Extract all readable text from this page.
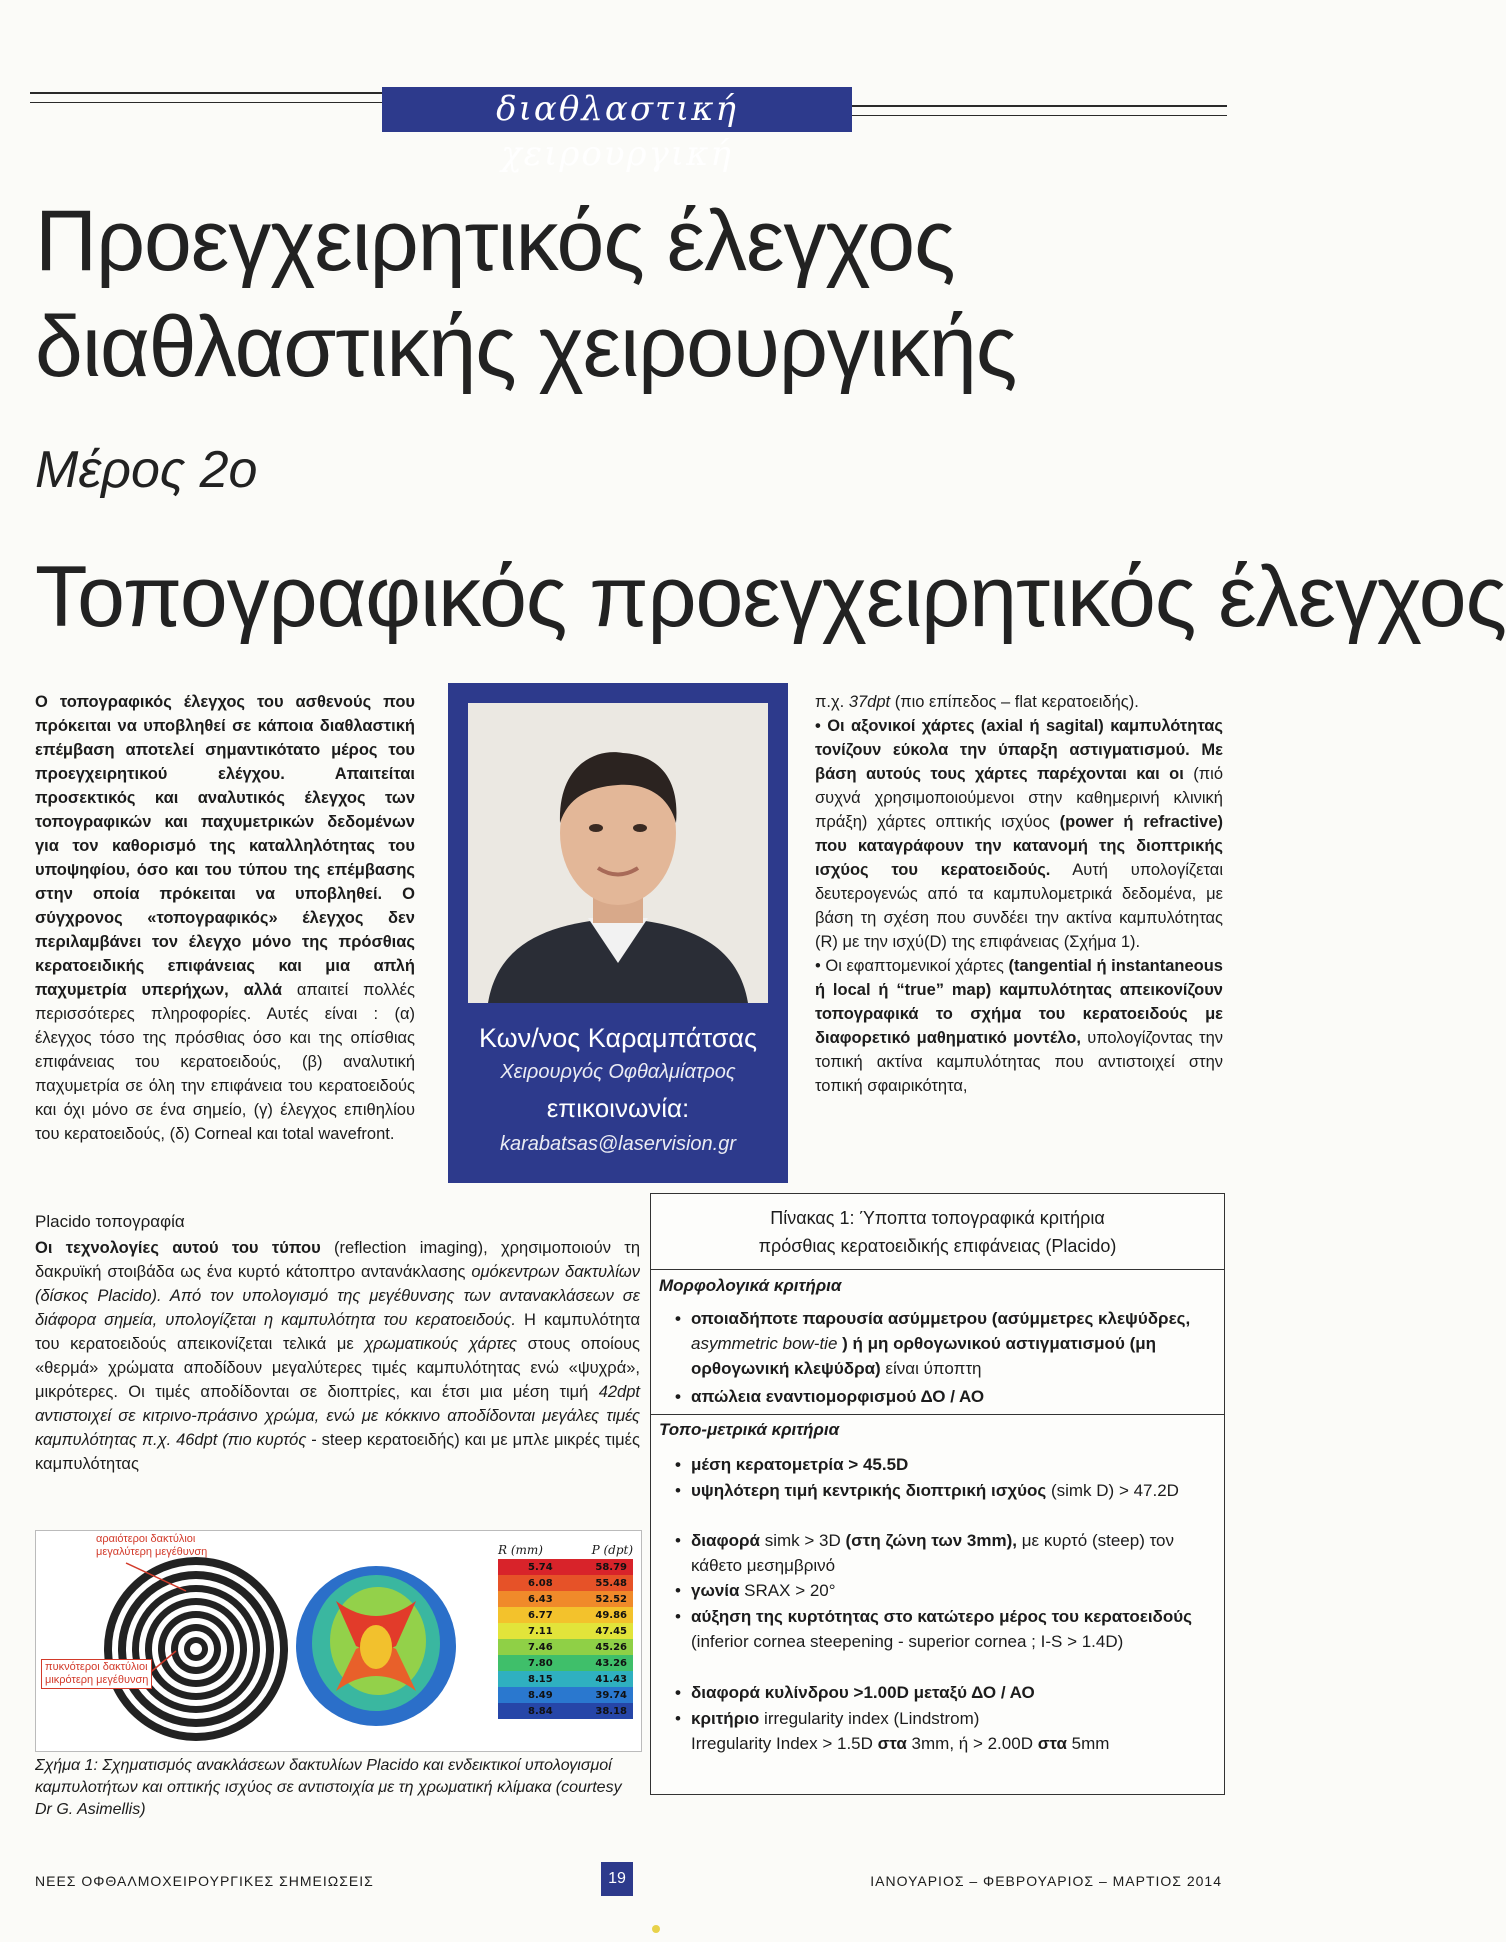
διαθλαστική χειρουργική
Προεγχειρητικός έλεγχος
διαθλαστικής χειρουργικής
Μέρος 2ο
Τοπογραφικός προεγχειρητικός έλεγχος

Ο τοπογραφικός έλεγχος του ασθενούς που πρόκειται να υποβληθεί σε κάποια διαθλαστική επέμβαση αποτελεί σημαντικότατο μέρος του προεγχειρητικού ελέγχου. Απαιτείται προσεκτικός και αναλυτικός έλεγχος των τοπογραφικών και παχυμετρικών δεδομένων για τον καθορισμό της καταλληλότητας του υποψηφίου, όσο και του τύπου της επέμβασης στην οποία πρόκειται να υποβληθεί. Ο σύγχρονος «τοπογραφικός» έλεγχος δεν περιλαμβάνει τον έλεγχο μόνο της πρόσθιας κερατοειδικής επιφάνειας και μια απλή παχυμετρία υπερήχων, αλλά απαιτεί πολλές περισσότερες πληροφορίες. Αυτές είναι : (α) έλεγχος τόσο της πρόσθιας όσο και της οπίσθιας επιφάνειας του κερατοειδούς, (β) αναλυτική παχυμετρία σε όλη την επιφάνεια του κερατοειδούς και όχι μόνο σε ένα σημείο, (γ) έλεγχος επιθηλίου του κερατοειδούς, (δ) Corneal και total wavefront.

Κων/νος Καραμπάτσας
Χειρουργός Οφθαλμίατρος
επικοινωνία:
karabatsas@laservision.gr

π.χ. 37dpt (πιο επίπεδος – flat κερατοειδής).

• Οι αξονικοί χάρτες (axial ή sagital) καμπυλότητας τονίζουν εύκολα την ύπαρξη αστιγματισμού. Με βάση αυτούς τους χάρτες παρέχονται και οι (πιό συχνά χρησιμοποιούμενοι στην καθημερινή κλινική πράξη) χάρτες οπτικής ισχύος (power ή refractive) που καταγράφουν την κατανομή της διοπτρικής ισχύος του κερατοειδούς. Αυτή υπολογίζεται δευτερογενώς από τα καμπυλομετρικά δεδομένα, με βάση τη σχέση που συνδέει την ακτίνα καμπυλότητας (R) με την ισχύ(D) της επιφάνειας (Σχήμα 1).

• Οι εφαπτομενικοί χάρτες (tangential ή instantaneous ή local ή “true” map) καμπυλότητας απεικονίζουν τοπογραφικά το σχήμα του κερατοειδούς με διαφορετικό μαθηματικό μοντέλο, υπολογίζοντας την τοπική ακτίνα καμπυλότητας που αντιστοιχεί στην τοπική σφαιρικότητα,

Placido τοπογραφία

Οι τεχνολογίες αυτού του τύπου (reflection imaging), χρησιμοποιούν τη δακρυϊκή στοιβάδα ως ένα κυρτό κάτοπτρο αντανάκλασης ομόκεντρων δακτυλίων (δίσκος Placido). Από τον υπολογισμό της μεγέθυνσης των αντανακλάσεων σε διάφορα σημεία, υπολογίζεται η καμπυλότητα του κερατοειδούς. Η καμπυλότητα του κερατοειδούς απεικονίζεται τελικά με χρωματικούς χάρτες στους οποίους «θερμά» χρώματα αποδίδουν μεγαλύτερες τιμές καμπυλότητας ενώ «ψυχρά», μικρότερες. Οι τιμές αποδίδονται σε διοπτρίες, και έτσι μια μέση τιμή 42dpt αντιστοιχεί σε κιτρινο-πράσινο χρώμα, ενώ με κόκκινο αποδίδονται μεγάλες τιμές καμπυλότητας π.χ. 46dpt (πιο κυρτός - steep κερατοειδής) και με μπλε μικρές τιμές καμπυλότητας

αραιότεροι δακτύλιοι
μεγαλύτερη μεγέθυνση
πυκνότεροι δακτύλιοι
μικρότερη μεγέθυνση
R (mm)	P (dpt)
5.74	58.79
6.08	55.48
6.43	52.52
6.77	49.86
7.11	47.45
7.46	45.26
7.80	43.26
8.15	41.43
8.49	39.74
8.84	38.18
Σχήμα 1: Σχηματισμός ανακλάσεων δακτυλίων Placido και ενδεικτικοί υπολογισμοί καμπυλοτήτων και οπτικής ισχύος σε αντιστοιχία με τη χρωματική κλίμακα (courtesy Dr G. Asimellis)
Πίνακας 1: Ύποπτα τοπογραφικά κριτήρια
πρόσθιας κερατοειδικής επιφάνειας (Placido)
Μορφολογικά κριτήρια
• οποιαδήποτε παρουσία ασύμμετρου (ασύμμετρες κλεψύδρες, asymmetric bow-tie ) ή μη ορθογωνικού αστιγματισμού (μη ορθογωνική κλεψύδρα) είναι ύποπτη
• απώλεια εναντιομορφισμού ΔΟ / ΑΟ
Τοπο-μετρικά κριτήρια
• μέση κερατομετρία > 45.5D
• υψηλότερη τιμή κεντρικής διοπτρική ισχύος (simk D) > 47.2D
• διαφορά simk > 3D (στη ζώνη των 3mm), με κυρτό (steep) τον κάθετο μεσημβρινό
• γωνία SRAX > 20°
• αύξηση της κυρτότητας στο κατώτερο μέρος του κερατοειδούς (inferior cornea steepening - superior cornea ; I-S > 1.4D)
• διαφορά κυλίνδρου >1.00D μεταξύ ΔΟ / ΑΟ
• κριτήριο irregularity index (Lindstrom)
Irregularity Index > 1.5D στα 3mm, ή > 2.00D στα 5mm
ΝΕΕΣ ΟΦΘΑΛΜΟΧΕΙΡΟΥΡΓΙΚΕΣ ΣΗΜΕΙΩΣΕΙΣ	19	ΙΑΝΟΥΑΡΙΟΣ – ΦΕΒΡΟΥΑΡΙΟΣ – ΜΑΡΤΙΟΣ 2014
